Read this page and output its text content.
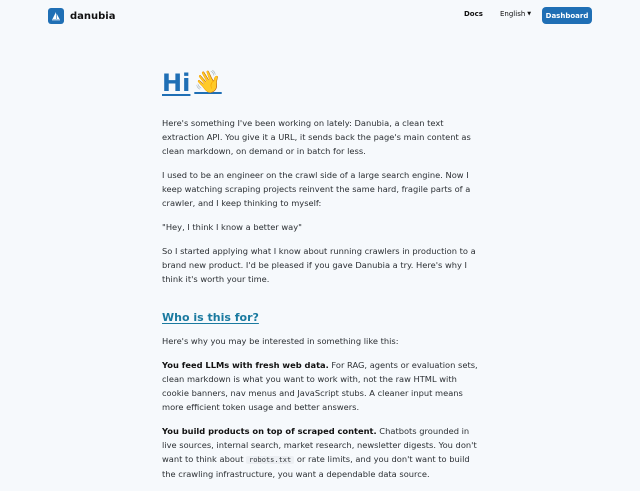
danubia	Docs English ▼	Dashboard
Hi 👋

Here's something I've been working on lately: Danubia, a clean text extraction API. You give it a URL, it sends back the page's main content as clean markdown, on demand or in batch for less.

I used to be an engineer on the crawl side of a large search engine. Now I keep watching scraping projects reinvent the same hard, fragile parts of a crawler, and I keep thinking to myself:

"Hey, I think I know a better way"

So I started applying what I know about running crawlers in production to a brand new product. I'd be pleased if you gave Danubia a try. Here's why I think it's worth your time.

Who is this for?

Here's why you may be interested in something like this:

You feed LLMs with fresh web data. For RAG, agents or evaluation sets, clean markdown is what you want to work with, not the raw HTML with cookie banners, nav menus and JavaScript stubs. A cleaner input means more efficient token usage and better answers.

You build products on top of scraped content. Chatbots grounded in live sources, internal search, market research, newsletter digests. You don't want to think about robots.txt or rate limits, and you don't want to build the crawling infrastructure, you want a dependable data source.
